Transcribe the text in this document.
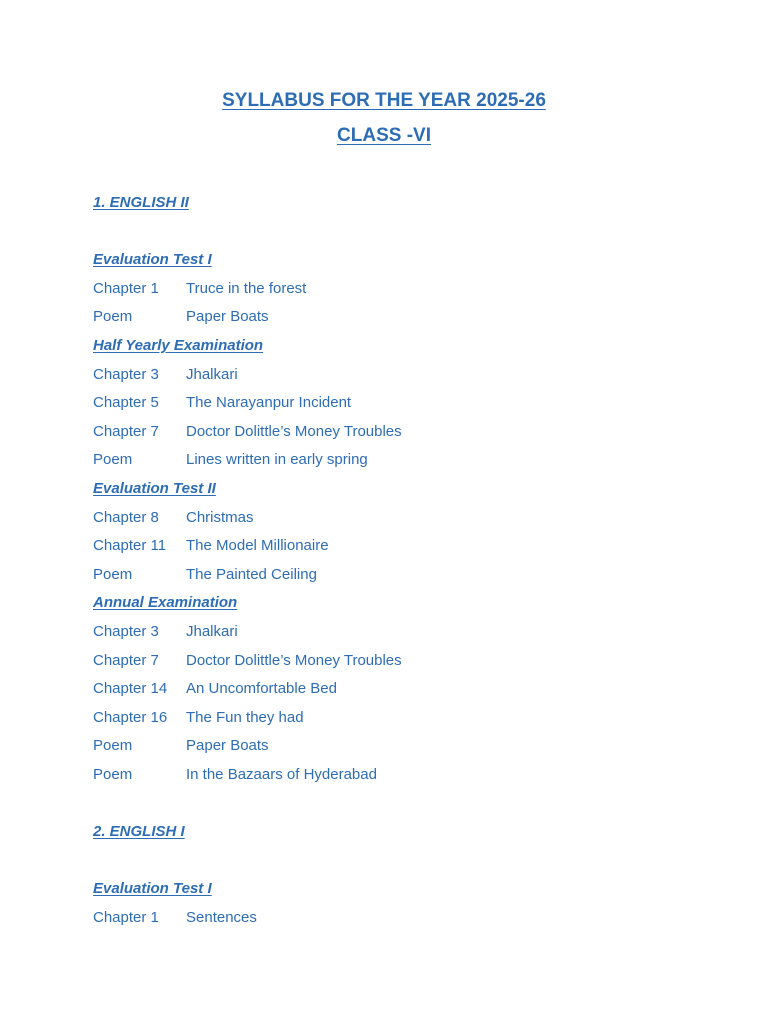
SYLLABUS FOR THE YEAR 2025-26
CLASS -VI
1. ENGLISH II
Evaluation Test I
Chapter 1	Truce in the forest
Poem	Paper Boats
Half Yearly Examination
Chapter 3	Jhalkari
Chapter 5	The Narayanpur Incident
Chapter 7	Doctor Dolittle’s Money Troubles
Poem	Lines written in early spring
Evaluation Test II
Chapter 8	Christmas
Chapter 11	The Model Millionaire
Poem	The Painted Ceiling
Annual Examination
Chapter 3	Jhalkari
Chapter 7	Doctor Dolittle’s Money Troubles
Chapter 14	An Uncomfortable Bed
Chapter 16	The Fun they had
Poem	Paper Boats
Poem	In the Bazaars of Hyderabad
2. ENGLISH I
Evaluation Test I
Chapter 1	Sentences
